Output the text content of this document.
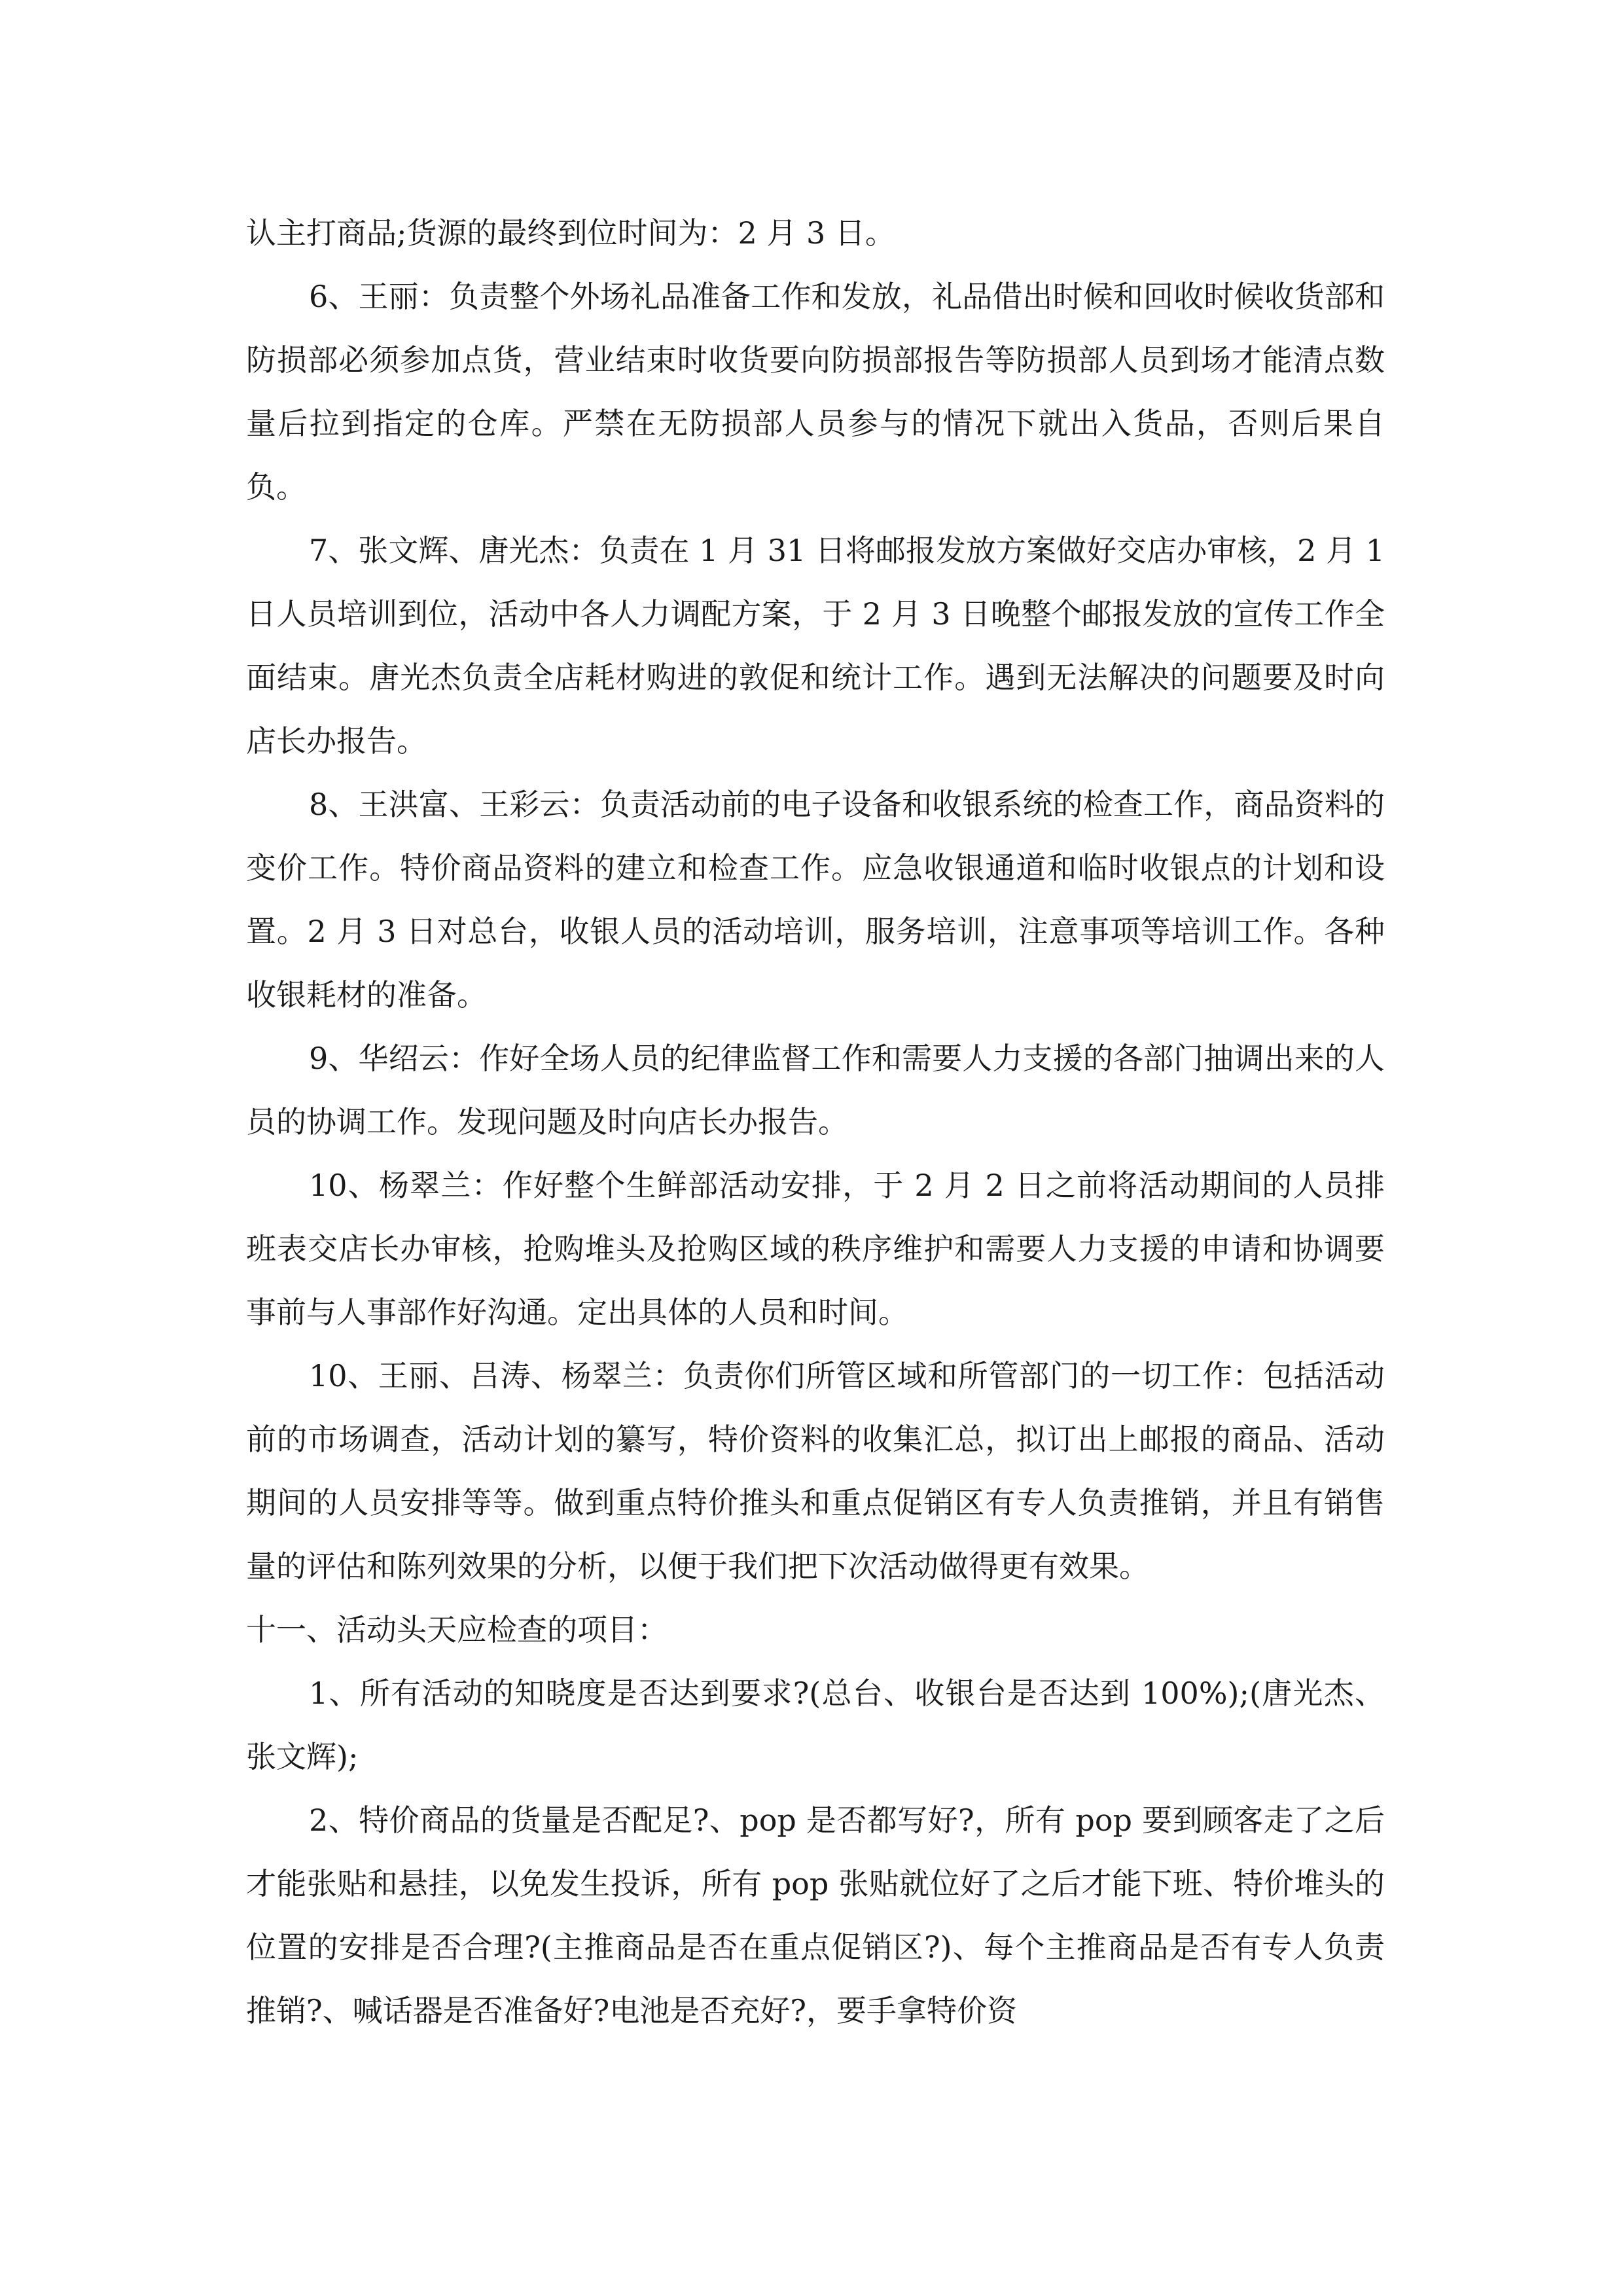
认主打商品;货源的最终到位时间为：2 月 3 日。

6、王丽：负责整个外场礼品准备工作和发放，礼品借出时候和回收时候收货部和防损部必须参加点货，营业结束时收货要向防损部报告等防损部人员到场才能清点数量后拉到指定的仓库。严禁在无防损部人员参与的情况下就出入货品，否则后果自负。

7、张文辉、唐光杰：负责在 1 月 31 日将邮报发放方案做好交店办审核，2 月 1 日人员培训到位，活动中各人力调配方案，于 2 月 3 日晚整个邮报发放的宣传工作全面结束。唐光杰负责全店耗材购进的敦促和统计工作。遇到无法解决的问题要及时向店长办报告。

8、王洪富、王彩云：负责活动前的电子设备和收银系统的检查工作，商品资料的变价工作。特价商品资料的建立和检查工作。应急收银通道和临时收银点的计划和设置。2 月 3 日对总台，收银人员的活动培训，服务培训，注意事项等培训工作。各种收银耗材的准备。

9、华绍云：作好全场人员的纪律监督工作和需要人力支援的各部门抽调出来的人员的协调工作。发现问题及时向店长办报告。

10、杨翠兰：作好整个生鲜部活动安排，于 2 月 2 日之前将活动期间的人员排班表交店长办审核，抢购堆头及抢购区域的秩序维护和需要人力支援的申请和协调要事前与人事部作好沟通。定出具体的人员和时间。

10、王丽、吕涛、杨翠兰：负责你们所管区域和所管部门的一切工作：包括活动前的市场调查，活动计划的纂写，特价资料的收集汇总，拟订出上邮报的商品、活动期间的人员安排等等。做到重点特价推头和重点促销区有专人负责推销，并且有销售量的评估和陈列效果的分析，以便于我们把下次活动做得更有效果。

十一、活动头天应检查的项目：

1、所有活动的知晓度是否达到要求?(总台、收银台是否达到 100%);(唐光杰、张文辉);

2、特价商品的货量是否配足?、pop 是否都写好?，所有 pop 要到顾客走了之后才能张贴和悬挂，以免发生投诉，所有 pop 张贴就位好了之后才能下班、特价堆头的位置的安排是否合理?(主推商品是否在重点促销区?)、每个主推商品是否有专人负责推销?、喊话器是否准备好?电池是否充好?，要手拿特价资
